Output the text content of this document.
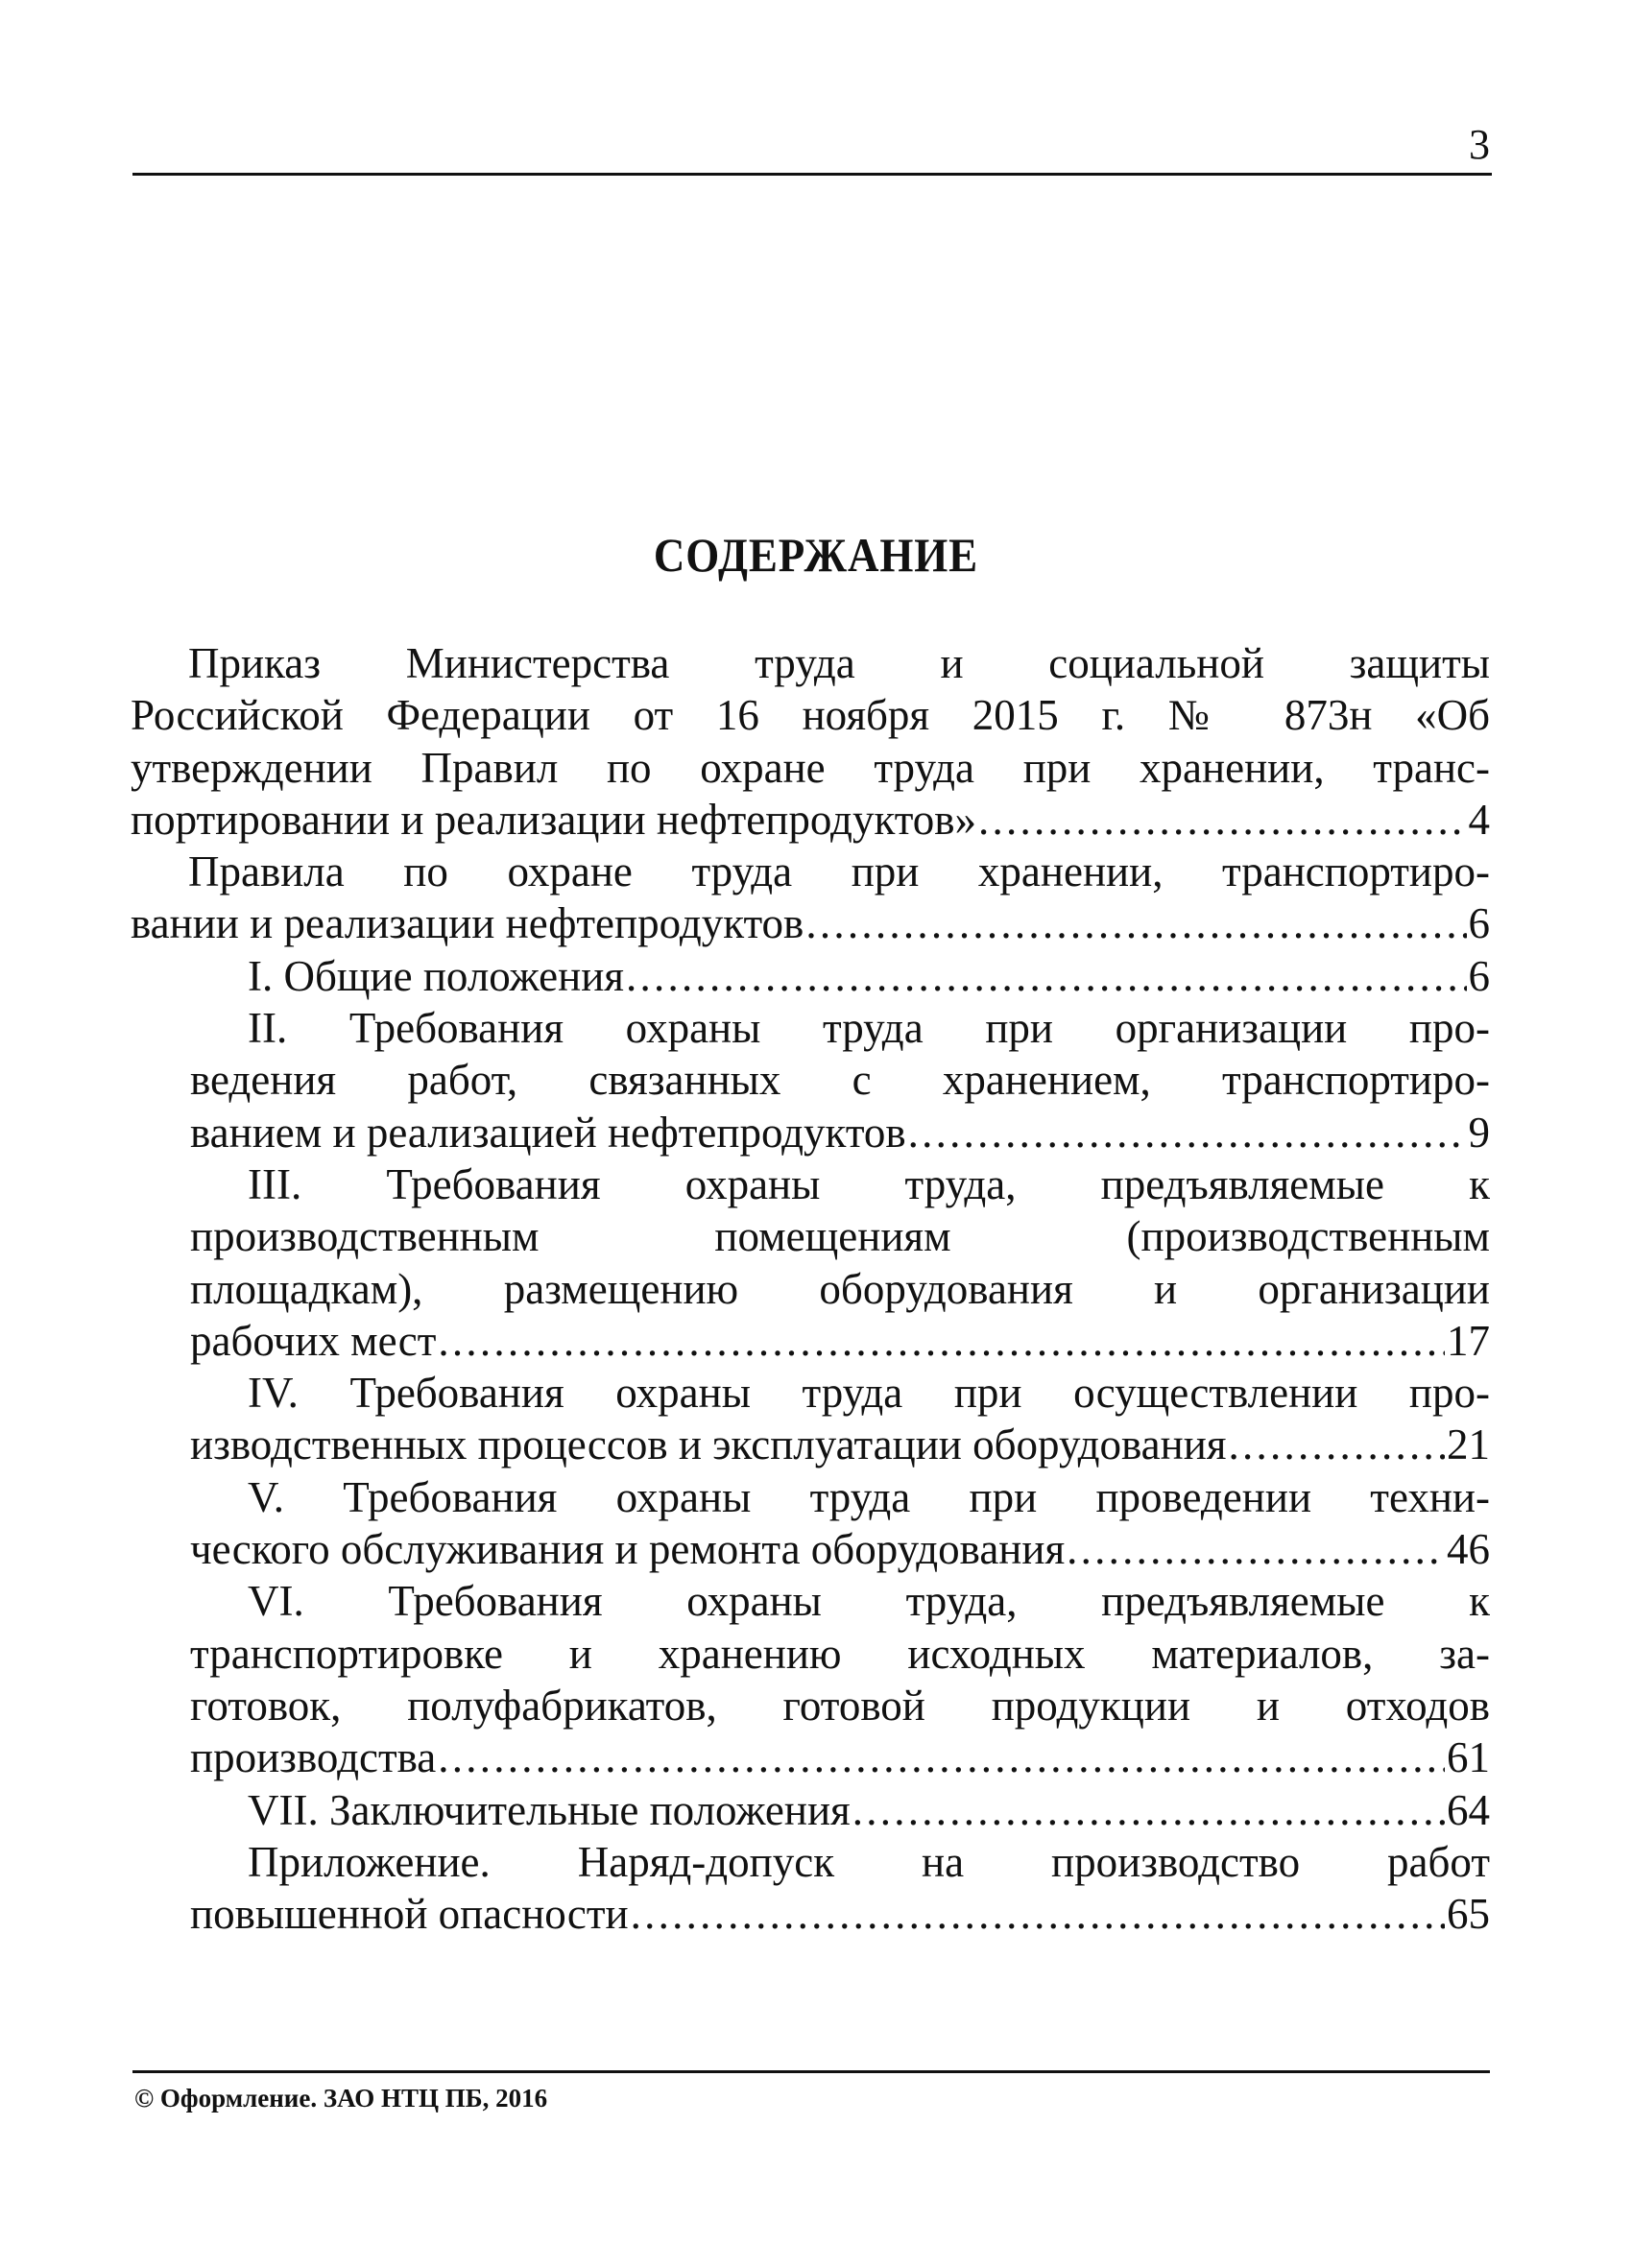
3
СОДЕРЖАНИЕ
Приказ Министерства труда и социальной защиты
Российской Федерации от 16 ноября 2015 г. № 873н «Об
утверждении Правил по охране труда при хранении, транс-
портировании и реализации нефтепродуктов» . . .	4
Правила по охране труда при хранении, транспортиро-
вании и реализации нефтепродуктов . . .	6
I. Общие положения . . .	6
II. Требования охраны труда при организации про-
ведения работ, связанных с хранением, транспортиро-
ванием и реализацией нефтепродуктов . . .	9
III. Требования охраны труда, предъявляемые к
производственным помещениям (производственным
площадкам), размещению оборудования и организации
рабочих мест . . .	17
IV. Требования охраны труда при осуществлении про-
изводственных процессов и эксплуатации оборудования . . .	21
V. Требования охраны труда при проведении техни-
ческого обслуживания и ремонта оборудования . . .	46
VI. Требования охраны труда, предъявляемые к
транспортировке и хранению исходных материалов, за-
готовок, полуфабрикатов, готовой продукции и отходов
производства . . .	61
VII. Заключительные положения . . .	64
Приложение. Наряд-допуск на производство работ
повышенной опасности . . .	65
© Оформление. ЗАО НТЦ ПБ, 2016
